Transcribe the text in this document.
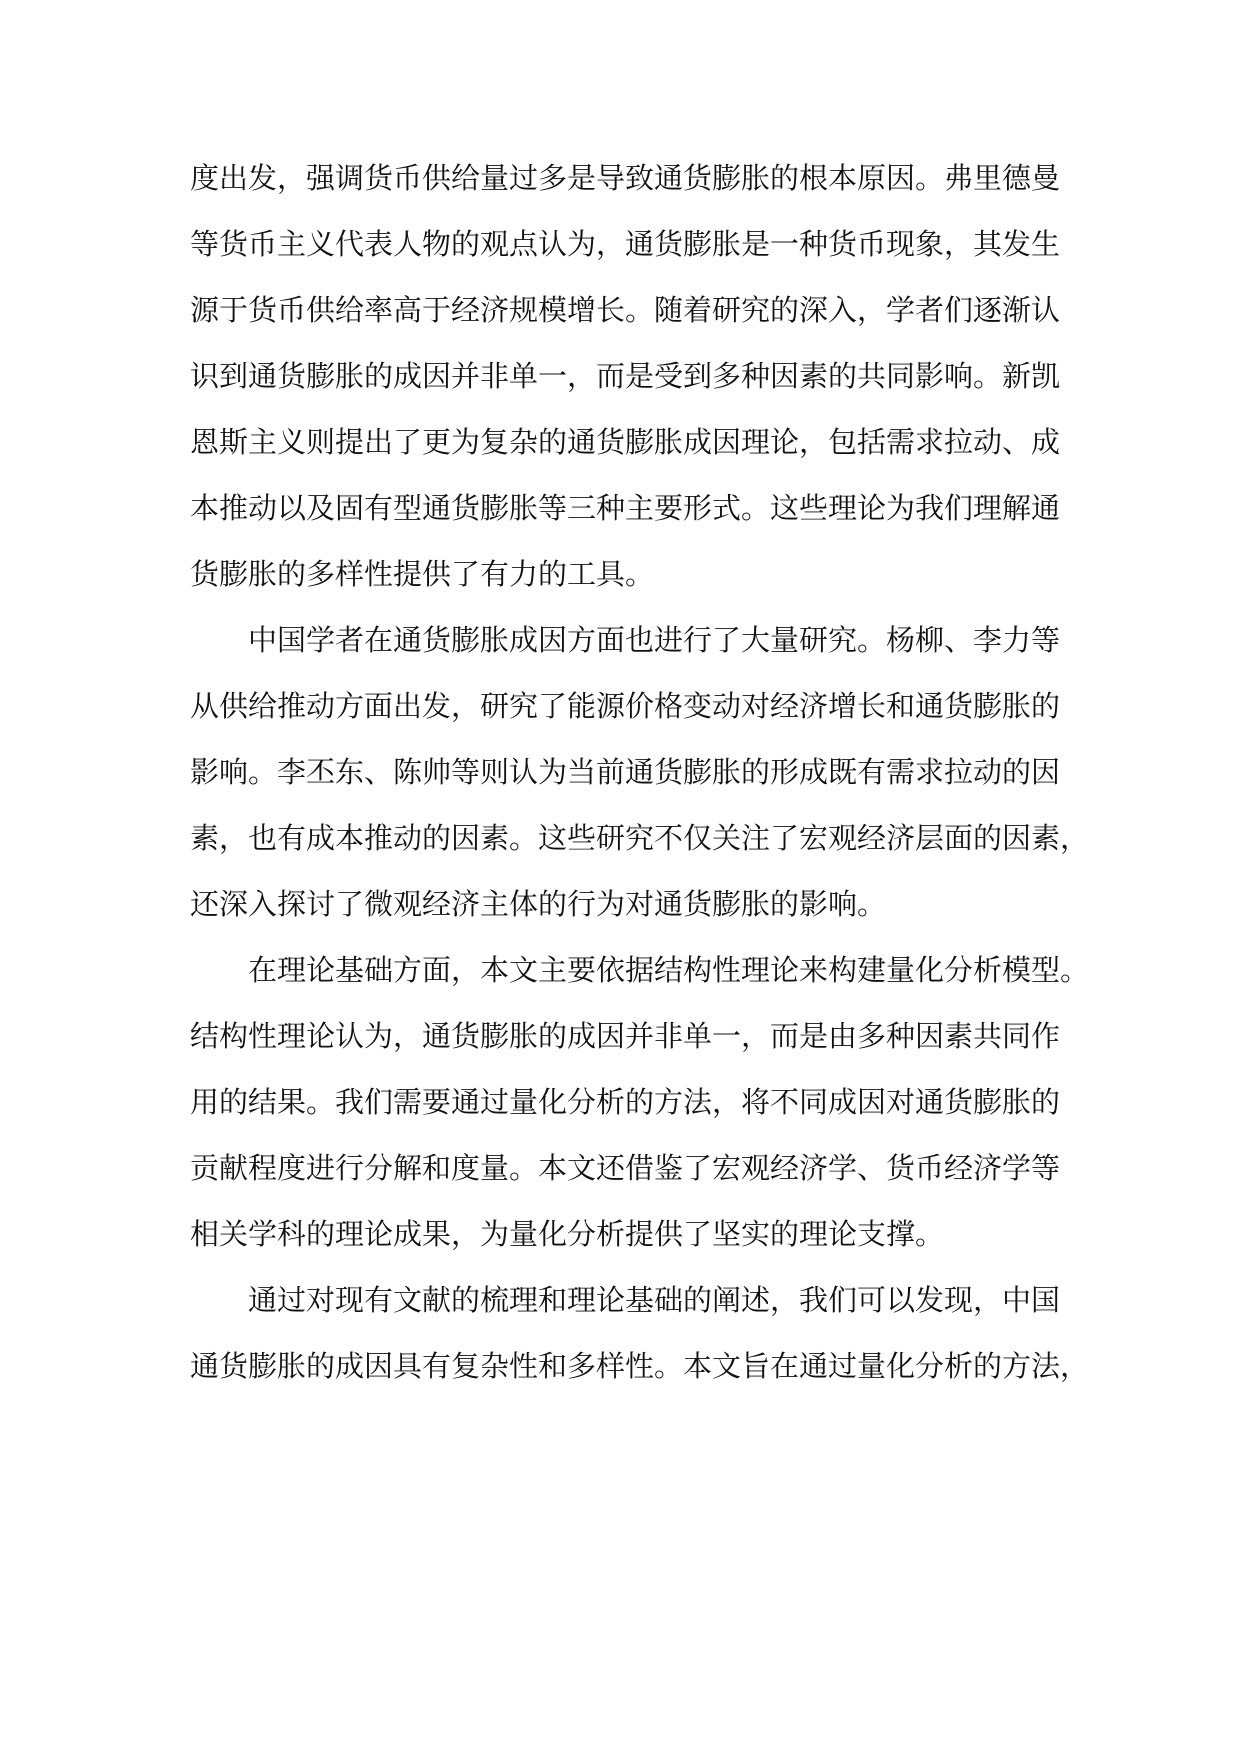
度出发，强调货币供给量过多是导致通货膨胀的根本原因。弗里德曼
等货币主义代表人物的观点认为，通货膨胀是一种货币现象，其发生
源于货币供给率高于经济规模增长。随着研究的深入，学者们逐渐认
识到通货膨胀的成因并非单一，而是受到多种因素的共同影响。新凯
恩斯主义则提出了更为复杂的通货膨胀成因理论，包括需求拉动、成
本推动以及固有型通货膨胀等三种主要形式。这些理论为我们理解通
货膨胀的多样性提供了有力的工具。
中国学者在通货膨胀成因方面也进行了大量研究。杨柳、李力等
从供给推动方面出发，研究了能源价格变动对经济增长和通货膨胀的
影响。李丕东、陈帅等则认为当前通货膨胀的形成既有需求拉动的因
素，也有成本推动的因素。这些研究不仅关注了宏观经济层面的因素，
还深入探讨了微观经济主体的行为对通货膨胀的影响。
在理论基础方面，本文主要依据结构性理论来构建量化分析模型。
结构性理论认为，通货膨胀的成因并非单一，而是由多种因素共同作
用的结果。我们需要通过量化分析的方法，将不同成因对通货膨胀的
贡献程度进行分解和度量。本文还借鉴了宏观经济学、货币经济学等
相关学科的理论成果，为量化分析提供了坚实的理论支撑。
通过对现有文献的梳理和理论基础的阐述，我们可以发现，中国
通货膨胀的成因具有复杂性和多样性。本文旨在通过量化分析的方法，
